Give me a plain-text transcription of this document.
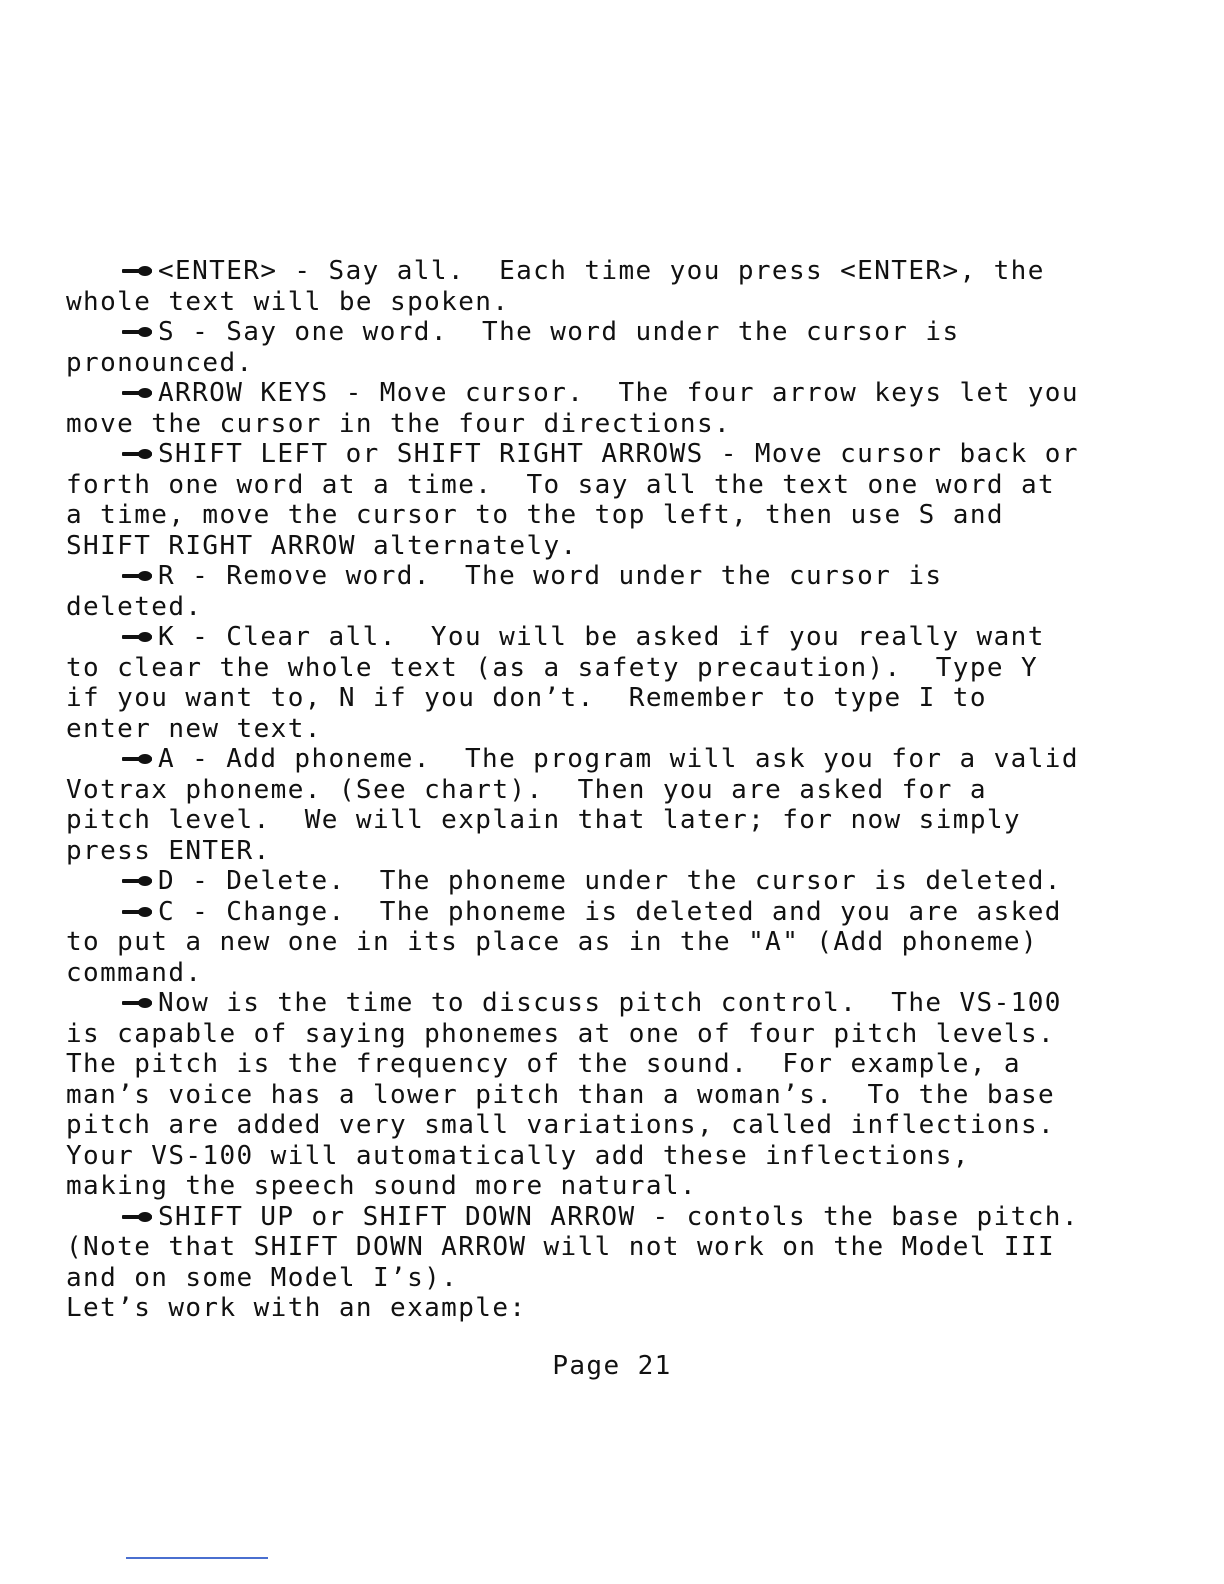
<ENTER> - Say all.  Each time you press <ENTER>, the
whole text will be spoken.
S - Say one word.  The word under the cursor is
pronounced.
ARROW KEYS - Move cursor.  The four arrow keys let you
move the cursor in the four directions.
SHIFT LEFT or SHIFT RIGHT ARROWS - Move cursor back or
forth one word at a time.  To say all the text one word at
a time, move the cursor to the top left, then use S and
SHIFT RIGHT ARROW alternately.
R - Remove word.  The word under the cursor is
deleted.
K - Clear all.  You will be asked if you really want
to clear the whole text (as a safety precaution).  Type Y
if you want to, N if you don’t.  Remember to type I to
enter new text.
A - Add phoneme.  The program will ask you for a valid
Votrax phoneme. (See chart).  Then you are asked for a
pitch level.  We will explain that later; for now simply
press ENTER.
D - Delete.  The phoneme under the cursor is deleted.
C - Change.  The phoneme is deleted and you are asked
to put a new one in its place as in the "A" (Add phoneme)
command.
Now is the time to discuss pitch control.  The VS-100
is capable of saying phonemes at one of four pitch levels.
The pitch is the frequency of the sound.  For example, a
man’s voice has a lower pitch than a woman’s.  To the base
pitch are added very small variations, called inflections.
Your VS-100 will automatically add these inflections,
making the speech sound more natural.
SHIFT UP or SHIFT DOWN ARROW - contols the base pitch.
(Note that SHIFT DOWN ARROW will not work on the Model III
and on some Model I’s).
Let’s work with an example:
Page 21
